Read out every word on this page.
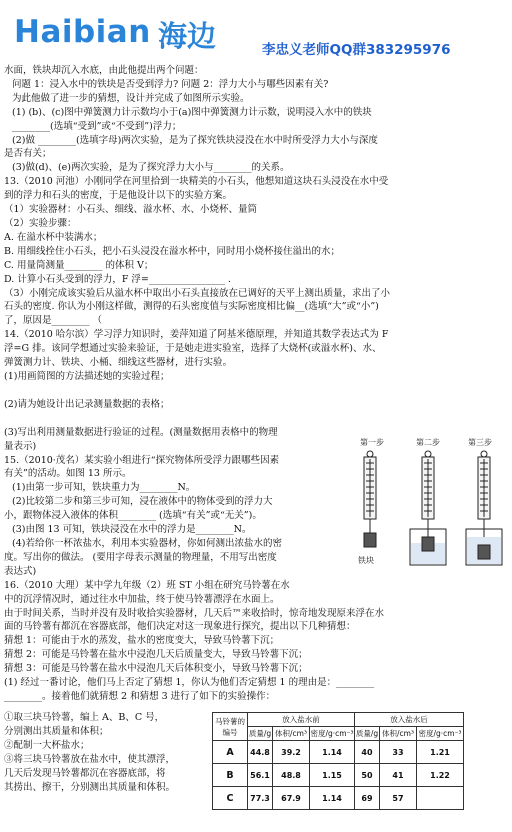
Haibian 海边	李忠义老师QQ群383295976
水面，铁块却沉入水底，由此他提出两个问题：
问题 1：浸入水中的铁块是否受到浮力? 问题 2：浮力大小与哪些因素有关?
为此他做了进一步的猜想，设计并完成了如图所示实验。
(1) (b)、(c)图中弹簧测力计示数均小于(a)图中弹簧测力计示数，说明浸入水中的铁块
________(选填“受到”或“不受到”)浮力；
(2)做 ________(选填字母)两次实验，是为了探究铁块浸没在水中时所受浮力大小与深度
是否有关；
(3)做(d)、(e)两次实验，是为了探究浮力大小与________的关系。
13.（2010 河池）小刚同学在河里拾到一块精美的小石头，他想知道这块石头浸没在水中受
到的浮力和石头的密度，于是他设计以下的实验方案。
（1）实验器材：小石头、细线、溢水杯、水、小烧杯、量筒
（2）实验步骤：
A. 在溢水杯中装满水；
B. 用细线拴住小石头，把小石头浸没在溢水杯中，同时用小烧杯接住溢出的水；
C. 用量筒测量________ 的体积 V；
D. 计算小石头受到的浮力，F 浮=________________ .
（3）小刚完成该实验后从溢水杯中取出小石头直接放在已调好的天平上测出质量，求出了小
石头的密度. 你认为小刚这样做，测得的石头密度值与实际密度相比偏__(选填“大”或“小”)
了，原因是________ （
14.（2010 哈尔滨）学习浮力知识时，姜萍知道了阿基米德原理，并知道其数学表达式为 F
浮=G 排。该同学想通过实验来验证，于是她走进实验室，选择了大烧杯(或溢水杯)、水、
弹簧测力计、铁块、小桶、细线这些器材，进行实验。
(1)用画简图的方法描述她的实验过程；
(2)请为她设计出记录测量数据的表格；
(3)写出利用测量数据进行验证的过程。(测量数据用表格中的物理
量表示)
15.（2010·茂名）某实验小组进行“探究物体所受浮力跟哪些因素
有关”的活动。如图 13 所示。
(1)由第一步可知，铁块重力为________N。
(2)比较第二步和第三步可知，浸在液体中的物体受到的浮力大
小，跟物体浸入液体的体积________ (选填“有关”或“无关”)。
(3)由图 13 可知，铁块浸没在水中的浮力是________N。
(4)若给你一杯浓盐水，利用本实验器材，你如何测出浓盐水的密
度。写出你的做法。 (要用字母表示测量的物理量，不用写出密度
表达式)
16.（2010 大理）某中学九年级（2）班 ST 小组在研究马铃薯在水
中的沉浮情况时，通过往水中加盐，终于使马铃薯漂浮在水面上。
由于时间关系，当时并没有及时收拾实验器材，几天后™来收拾时，惊奇地发现原来浮在水
面的马铃薯有都沉在容器底部，他们决定对这一现象进行探究，提出以下几种猜想：
猜想 1：可能由于水的蒸发，盐水的密度变大，导致马铃薯下沉；
猜想 2：可能是马铃薯在盐水中浸泡几天后质量变大，导致马铃薯下沉；
猜想 3：可能是马铃薯在盐水中浸泡几天后体积变小，导致马铃薯下沉；
(1) 经过一番讨论，他们马上否定了猜想 1，你认为他们否定猜想 1 的理由是：________
________。接着他们就猜想 2 和猜想 3 进行了如下的实验操作：
第一步	第二步	第三步
铁块
①取三块马铃薯，编上 A、B、C 号，
分别测出其质量和体积；
②配制一大杯盐水；
③将三块马铃薯放在盐水中，使其漂浮，
几天后发现马铃薯都沉在容器底部，将
其捞出、擦干，分别测出其质量和体积。
马铃薯的编号	放入盐水前			放入盐水后		
	质量/g	体积/cm³	密度/g·cm⁻³	质量/g	体积/cm³	密度/g·cm⁻³
A	44.8	39.2	1.14	40	33	1.21
B	56.1	48.8	1.15	50	41	1.22
C	77.3	67.9	1.14	69	57	
